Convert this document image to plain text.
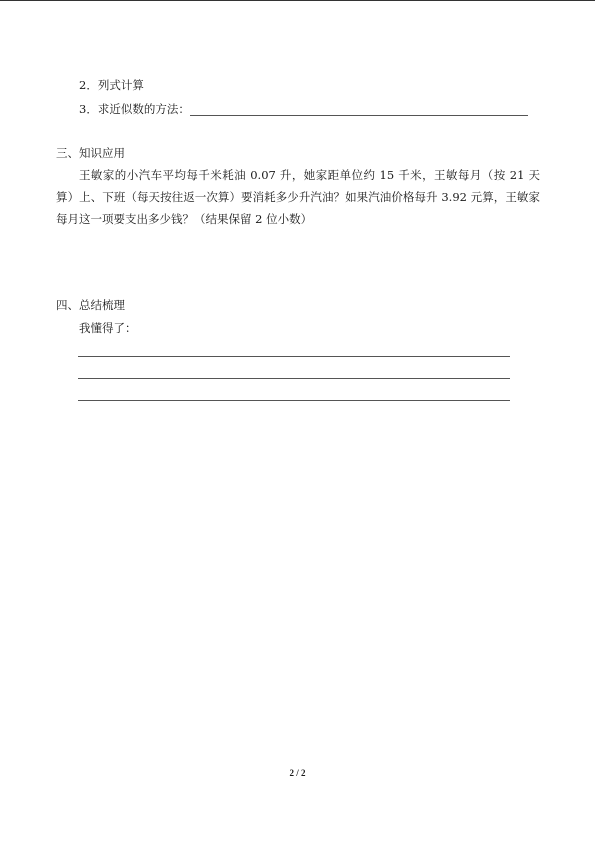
2．列式计算
3．求近似数的方法：
三、知识应用
王敏家的小汽车平均每千米耗油 0.07 升，她家距单位约 15 千米，王敏每月（按 21 天算）上、下班（每天按往返一次算）要消耗多少升汽油？如果汽油价格每升 3.92 元算，王敏家每月这一项要支出多少钱？（结果保留 2 位小数）
四、总结梳理
我懂得了：
2 / 2
